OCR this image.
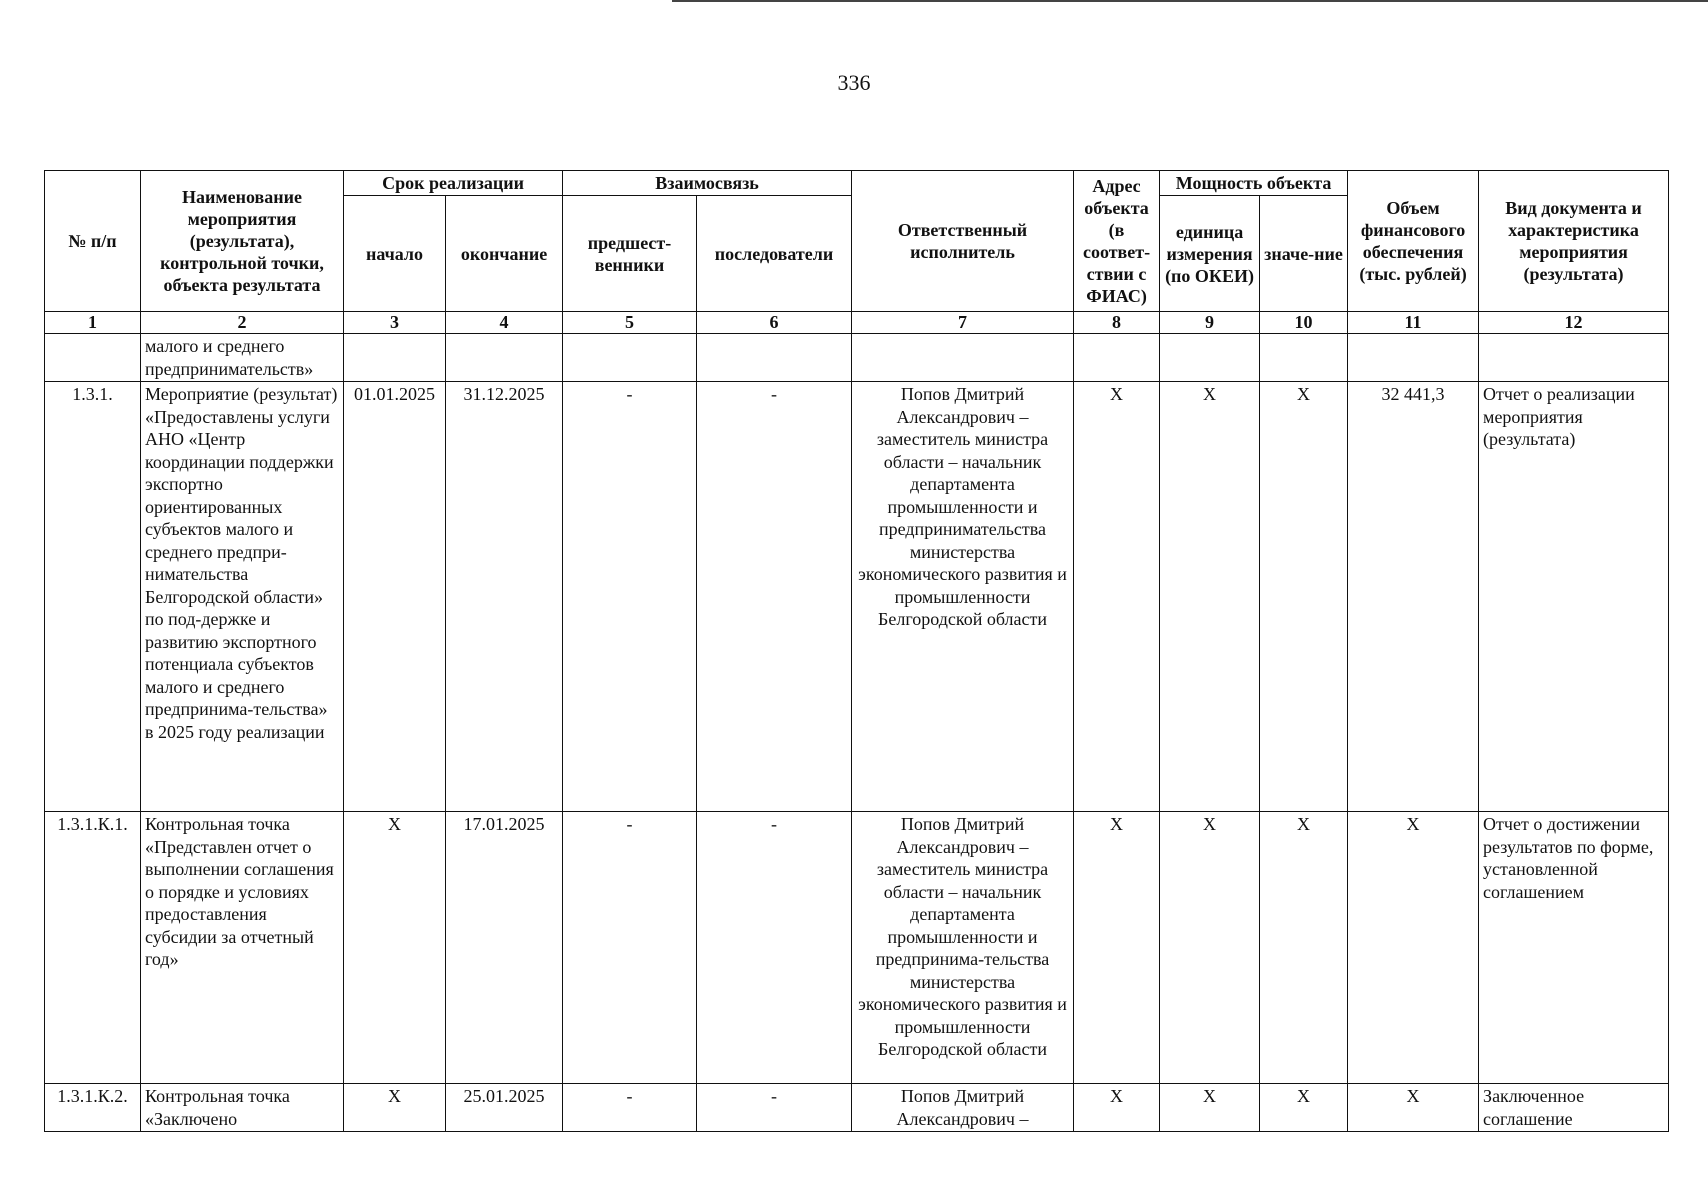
336
№ п/п	Наименование мероприятия (результата), контрольной точки, объекта результата	Срок реализации		Взаимосвязь		Ответственный исполнитель	Адрес объекта (в соответ-ствии с ФИАС)	Мощность объекта		Объем финансового обеспечения (тыс. рублей)	Вид документа и характеристика мероприятия (результата)
		начало	окончание	предшест-венники	последователи			единица измерения (по ОКЕИ)	значе-ние		
1	2	3	4	5	6	7	8	9	10	11	12
	малого и среднего предпринимательств»										
1.3.1.	Мероприятие (результат) «Предоставлены услуги АНО «Центр координации поддержки экспортно ориентированных субъектов малого и среднего предпри-нимательства Белгородской области» по под-держке и развитию экспортного потенциала субъектов малого и среднего предпринима-тельства» в 2025 году реализации	01.01.2025	31.12.2025	-	-	Попов Дмитрий Александрович – заместитель министра области – начальник департамента промышленности и предпринимательства министерства экономического развития и промышленности Белгородской области	X	X	X	32 441,3	Отчет о реализации мероприятия (результата)
1.3.1.К.1.	Контрольная точка «Представлен отчет о выполнении соглашения о порядке и условиях предоставления субсидии за отчетный год»	X	17.01.2025	-	-	Попов Дмитрий Александрович – заместитель министра области – начальник департамента промышленности и предпринима-тельства министерства экономического развития и промышленности Белгородской области	X	X	X	X	Отчет о достижении результатов по форме, установленной соглашением
1.3.1.К.2.	Контрольная точка «Заключено	X	25.01.2025	-	-	Попов Дмитрий Александрович –	X	X	X	X	Заключенное соглашение
